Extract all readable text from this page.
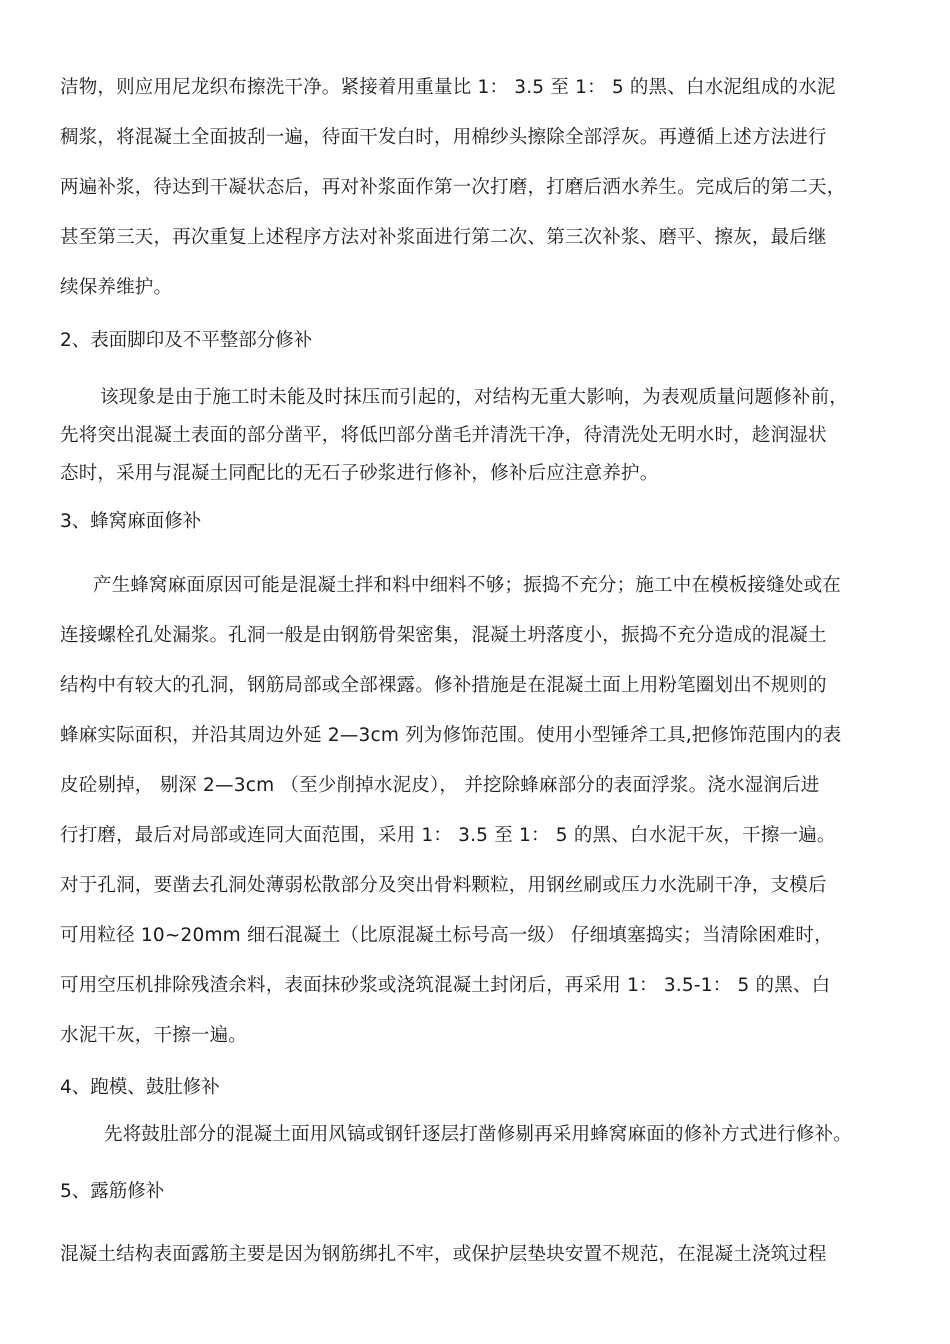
洁物，则应用尼龙织布擦洗干净。紧接着用重量比 1： 3.5 至 1： 5 的黑、白水泥组成的水泥
稠浆，将混凝土全面披刮一遍，待面干发白时，用棉纱头擦除全部浮灰。再遵循上述方法进行
两遍补浆，待达到干凝状态后，再对补浆面作第一次打磨，打磨后洒水养生。完成后的第二天，
甚至第三天，再次重复上述程序方法对补浆面进行第二次、第三次补浆、磨平、擦灰，最后继
续保养维护。
2、表面脚印及不平整部分修补
该现象是由于施工时未能及时抹压而引起的，对结构无重大影响，为表观质量问题修补前，
先将突出混凝土表面的部分凿平，将低凹部分凿毛并清洗干净，待清洗处无明水时，趁润湿状
态时，采用与混凝土同配比的无石子砂浆进行修补，修补后应注意养护。
3、蜂窝麻面修补
产生蜂窝麻面原因可能是混凝土拌和料中细料不够；振捣不充分；施工中在模板接缝处或在
连接螺栓孔处漏浆。孔洞一般是由钢筋骨架密集，混凝土坍落度小，振捣不充分造成的混凝土
结构中有较大的孔洞，钢筋局部或全部裸露。修补措施是在混凝土面上用粉笔圈划出不规则的
蜂麻实际面积，并沿其周边外延 2—3cm 列为修饰范围。使用小型锤斧工具,把修饰范围内的表
皮砼剔掉， 剔深 2—3cm （至少削掉水泥皮）， 并挖除蜂麻部分的表面浮浆。浇水湿润后进
行打磨，最后对局部或连同大面范围，采用 1： 3.5 至 1： 5 的黑、白水泥干灰，干擦一遍。
对于孔洞，要凿去孔洞处薄弱松散部分及突出骨料颗粒，用钢丝刷或压力水洗刷干净，支模后
可用粒径 10~20mm 细石混凝土（比原混凝土标号高一级） 仔细填塞捣实；当清除困难时，
可用空压机排除残渣余料，表面抹砂浆或浇筑混凝土封闭后，再采用 1： 3.5-1： 5 的黑、白
水泥干灰，干擦一遍。
4、跑模、鼓肚修补
先将鼓肚部分的混凝土面用风镐或钢钎逐层打凿修剔再采用蜂窝麻面的修补方式进行修补。
5、露筋修补
混凝土结构表面露筋主要是因为钢筋绑扎不牢，或保护层垫块安置不规范，在混凝土浇筑过程
